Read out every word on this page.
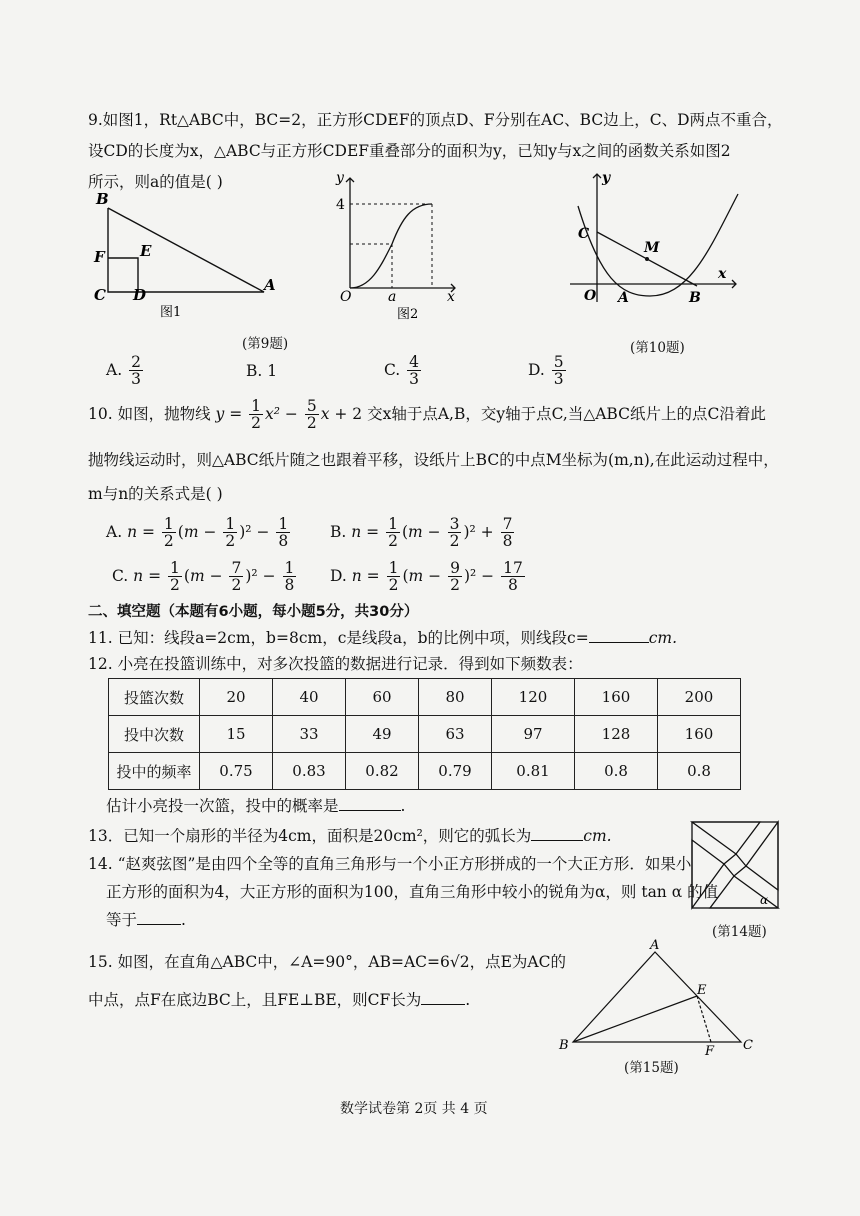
9.如图1，Rt△ABC中，BC=2，正方形CDEF的顶点D、F分别在AC、BC边上，C、D两点不重合，
设CD的长度为x，△ABC与正方形CDEF重叠部分的面积为y，已知y与x之间的函数关系如图2
所示，则a的值是( )
B
F E
C D
A
图1
y
4
O	a	x
图2
(第9题)
y
C
M
x
O A	B
(第10题)
A. $\frac{2}{3}$	B. 1	C. $\frac{4}{3}$	D. $\frac{5}{3}$
10. 如图，抛物线 $y = \frac{1}{2} x^2 - \frac{5}{2}$ x + 2 交x轴于点A,B，交y轴于点C,当△ABC纸片上的点C沿着此
抛物线运动时，则△ABC纸片随之也跟着平移，设纸片上BC的中点M坐标为(m,n),在此运动过程中，
m与n的关系式是( )
A. $n = \frac{1}{2} (m - \frac{1}{2} )^2 - \frac{1}{8}$	B. $n = \frac{1}{2} (m - \frac{3}{2} )^2 + \frac{7}{8}$
C. $n = \frac{1}{2} (m - \frac{7}{2} )^2 - \frac{1}{8} D$. $n = \frac{1}{2} (m - \frac{9}{2} )^2 - \frac{17}{8}$
二、填空题（本题有6小题，每小题5分，共30分）
11. 已知：线段a=2cm，b=8cm，c是线段a，b的比例中项，则线段c=	cm.
12. 小亮在投篮训练中，对多次投篮的数据进行记录．得到如下频数表：
投篮次数	20	40	60	80	120	160	200
投中次数	15	33	49	63	97	128	160
投中的频率	0.75	0.83	0.82	0.79	0.81	0.8	0.8
估计小亮投一次篮，投中的概率是	.
13．已知一个扇形的半径为4cm，面积是20cm²，则它的弧长为	cm.
14. “赵爽弦图”是由四个全等的直角三角形与一个小正方形拼成的一个大正方形．如果小
正方形的面积为4，大正方形的面积为100，直角三角形中较小的锐角为α，则 tan α 的值
等于	.
α
(第14题)
15. 如图，在直角△ABC中，∠A=90°，AB=AC=6√2，点E为AC的
中点，点F在底边BC上，且FE⊥BE，则CF长为	.
A
E
B	F C
(第15题)
数学试卷第 2页 共 4 页
